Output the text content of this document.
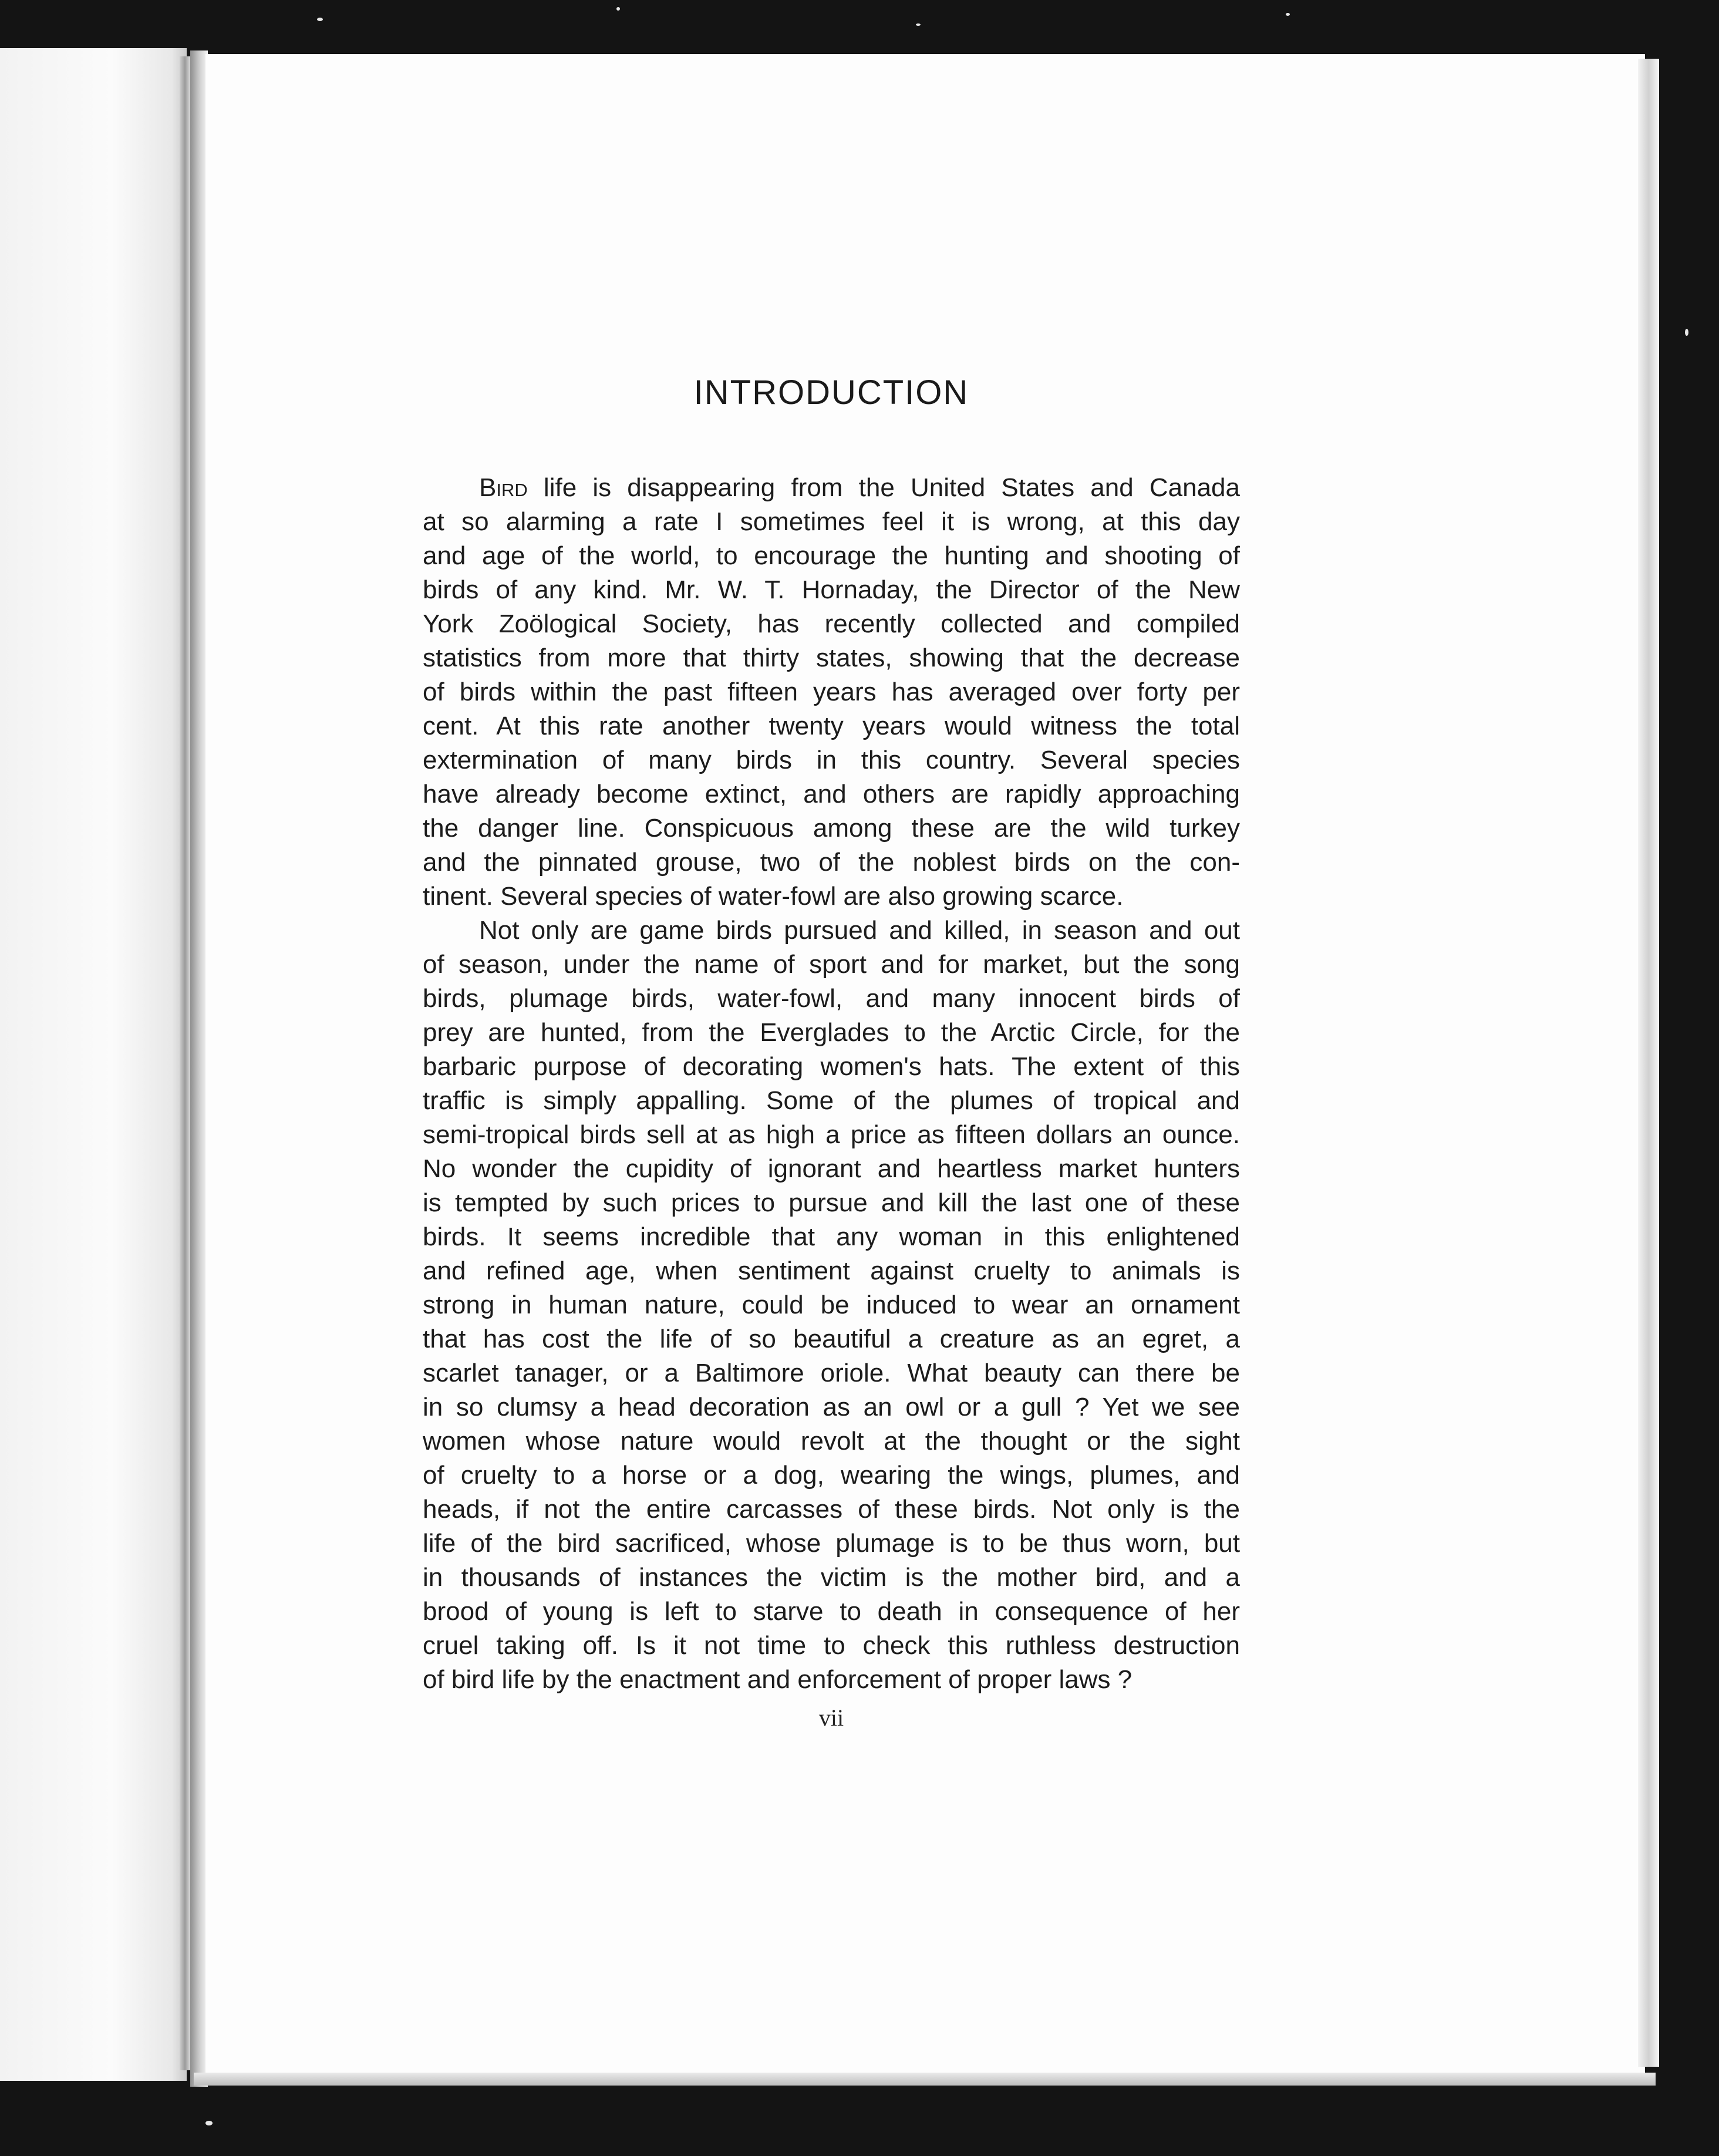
INTRODUCTION
Bird life is disappearing from the United States and Canada
at so alarming a rate I sometimes feel it is wrong, at this day
and age of the world, to encourage the hunting and shooting of
birds of any kind. Mr. W. T. Hornaday, the Director of the New
York Zoölogical Society, has recently collected and compiled
statistics from more that thirty states, showing that the decrease
of birds within the past fifteen years has averaged over forty per
cent. At this rate another twenty years would witness the total
extermination of many birds in this country. Several species
have already become extinct, and others are rapidly approaching
the danger line. Conspicuous among these are the wild turkey
and the pinnated grouse, two of the noblest birds on the con-
tinent. Several species of water-fowl are also growing scarce.
Not only are game birds pursued and killed, in season and out
of season, under the name of sport and for market, but the song
birds, plumage birds, water-fowl, and many innocent birds of
prey are hunted, from the Everglades to the Arctic Circle, for the
barbaric purpose of decorating women's hats. The extent of this
traffic is simply appalling. Some of the plumes of tropical and
semi-tropical birds sell at as high a price as fifteen dollars an ounce.
No wonder the cupidity of ignorant and heartless market hunters
is tempted by such prices to pursue and kill the last one of these
birds. It seems incredible that any woman in this enlightened
and refined age, when sentiment against cruelty to animals is
strong in human nature, could be induced to wear an ornament
that has cost the life of so beautiful a creature as an egret, a
scarlet tanager, or a Baltimore oriole. What beauty can there be
in so clumsy a head decoration as an owl or a gull ? Yet we see
women whose nature would revolt at the thought or the sight
of cruelty to a horse or a dog, wearing the wings, plumes, and
heads, if not the entire carcasses of these birds. Not only is the
life of the bird sacrificed, whose plumage is to be thus worn, but
in thousands of instances the victim is the mother bird, and a
brood of young is left to starve to death in consequence of her
cruel taking off. Is it not time to check this ruthless destruction
of bird life by the enactment and enforcement of proper laws ?
vii
